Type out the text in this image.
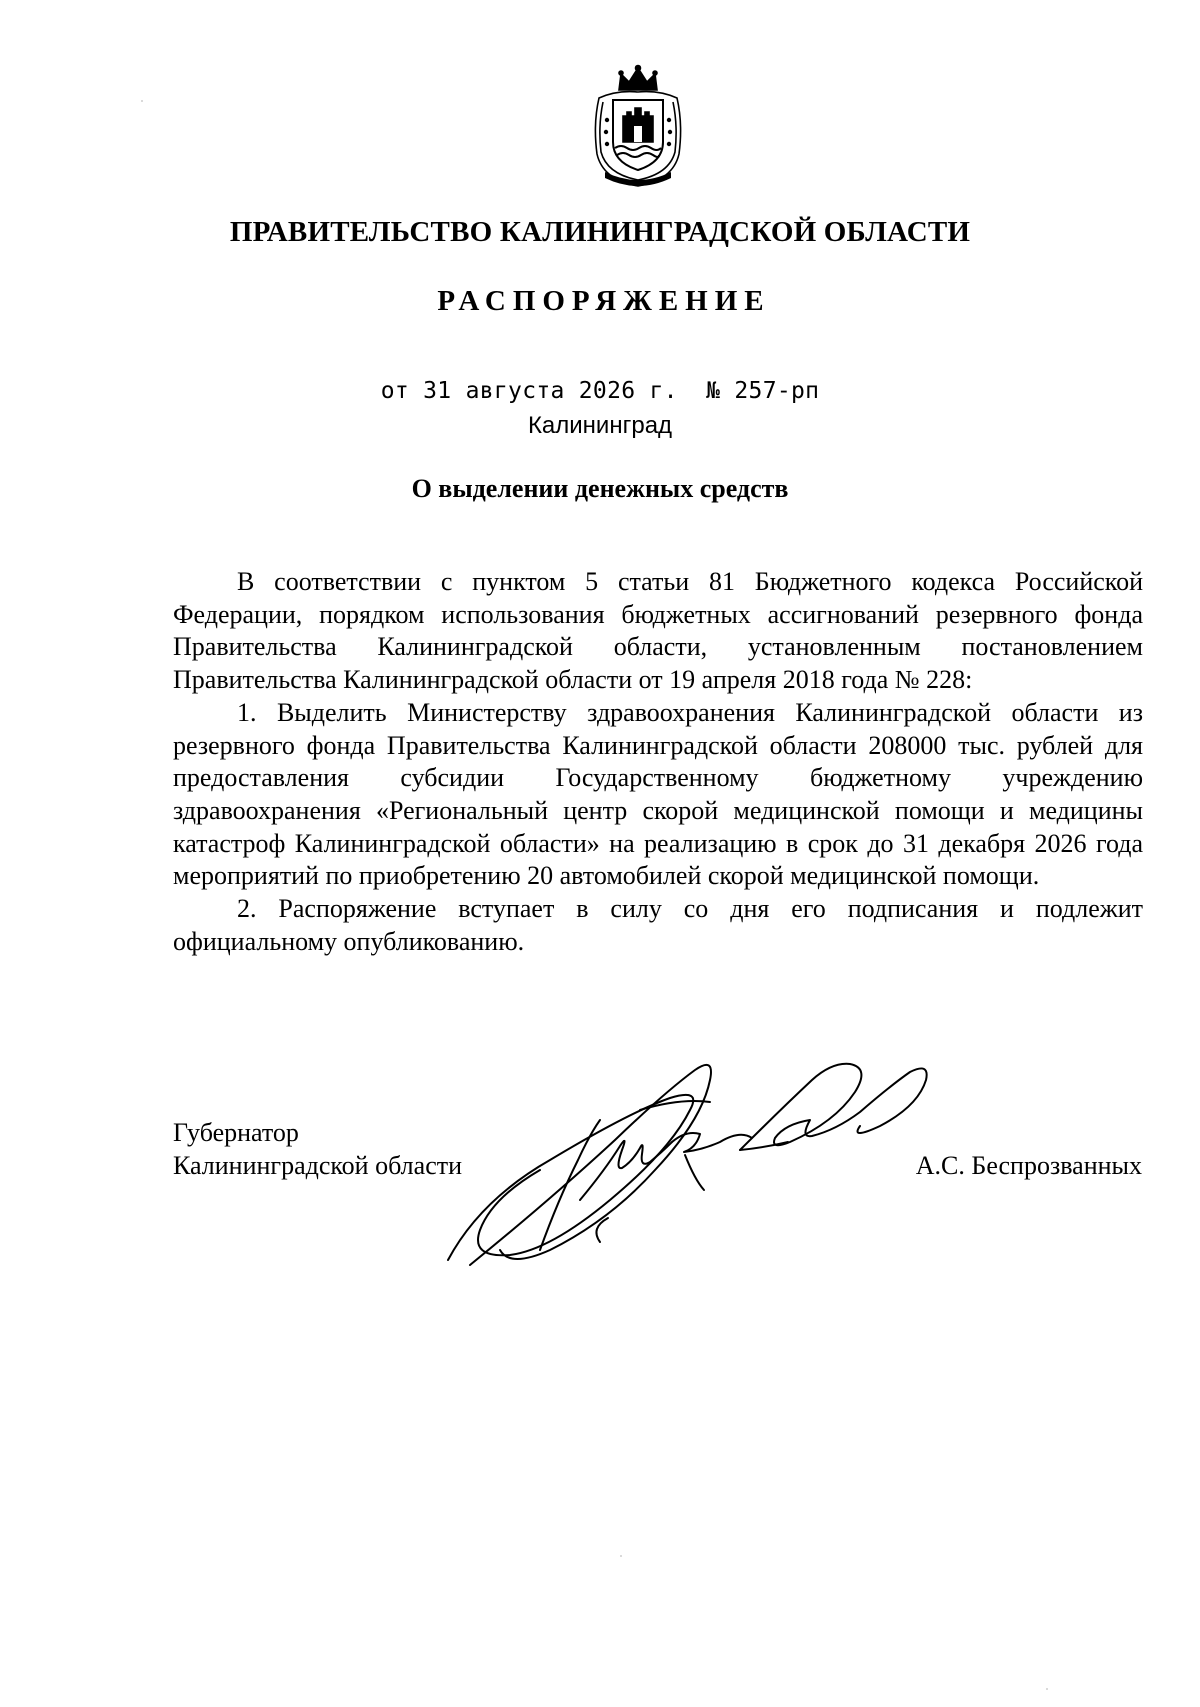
ПРАВИТЕЛЬСТВО КАЛИНИНГРАДСКОЙ ОБЛАСТИ
РАСПОРЯЖЕНИЕ
от 31 августа 2026 г.  № 257-рп
Калининград
О выделении денежных средств

В соответствии с пунктом 5 статьи 81 Бюджетного кодекса Российской Федерации, порядком использования бюджетных ассигнований резервного фонда Правительства Калининградской области, установленным постановлением Правительства Калининградской области от 19 апреля 2018 года № 228:

1. Выделить Министерству здравоохранения Калининградской области из резервного фонда Правительства Калининградской области 208000 тыс. рублей для предоставления субсидии Государственному бюджетному учреждению здравоохранения «Региональный центр скорой медицинской помощи и медицины катастроф Калининградской области» на реализацию в срок до 31 декабря 2026 года мероприятий по приобретению 20 автомобилей скорой медицинской помощи.

2. Распоряжение вступает в силу со дня его подписания и подлежит официальному опубликованию.

Губернатор
Калининградской области	А.С. Беспрозванных
